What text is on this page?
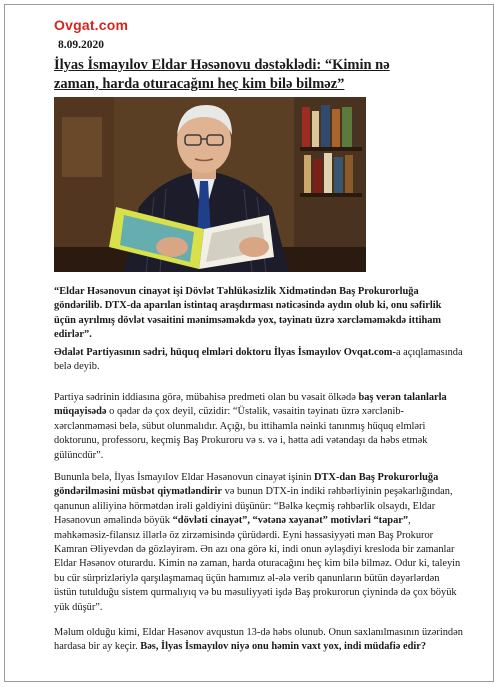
Ovgat.com
8.09.2020
İlyas İsmayılov Eldar Həsənovu dəstəklədi: “Kimin nə zaman, harda oturacağını heç kim bilə bilməz”

“Eldar Həsənovun cinayət işi Dövlət Təhlükəsizlik Xidmətindən Baş Prokurorluğa göndərilib. DTX-da aparılan istintaq araşdırması nəticəsində aydın olub ki, onu səfirlik üçün ayrılmış dövlət vəsaitini mənimsəməkdə yox, təyinatı üzrə xərcləməməkdə ittiham edirlər”.

Ədalət Partiyasının sədri, hüquq elmləri doktoru İlyas İsmayılov Ovqat.com-a açıqlamasında belə deyib.

Partiya sədrinin iddiasına görə, mübahisə predmeti olan bu vəsait ölkədə baş verən talanlarla müqayisədə o qədər də çox deyil, cüzidir: “Üstəlik, vəsaitin təyinatı üzrə xərclənib-xərclənməməsi belə, sübut olunmalıdır. Açığı, bu ittihamla nəinki tanınmış hüquq elmləri doktorunu, professoru, keçmiş Baş Prokuroru və s. və i, hətta adi vətəndaşı da həbs etmək gülüncdür”.

Bununla belə, İlyas İsmayılov Eldar Həsənovun cinayət işinin DTX-dan Baş Prokurorluğa göndərilməsini müsbət qiymətləndirir və bunun DTX-in indiki rəhbərliyinin peşəkarlığından, qanunun aliliyinə hörmətdən irəli gəldiyini düşünür: “Bəlkə keçmiş rəhbərlik olsaydı, Eldar Həsənovun əməlində böyük “dövləti cinayət”, “vətənə xəyanət” motivləri “tapar”, məhkəməsiz-filansız illərlə öz zirzəmisində çürüdərdi. Eyni həssasiyyəti mən Baş Prokuror Kamran Əliyevdən də gözləyirəm. Ən azı ona görə ki, indi onun əyləşdiyi kresloda bir zamanlar Eldar Həsənov oturardu. Kimin nə zaman, harda oturacağını heç kim bilə bilməz. Odur ki, taleyin bu cür sürprizləriylə qarşılaşmamaq üçün hamımız əl-ələ verib qanunların bütün dəyərlərdən üstün tutulduğu sistem qurmalıyıq və bu məsuliyyəti işdə Baş prokurorun çiynində də çox böyük yük düşür”.

Məlum olduğu kimi, Eldar Həsənov avqustun 13-də həbs olunub. Onun saxlanılmasının üzərindən hardasa bir ay keçir. Bəs, İlyas İsmayılov niyə onu həmin vaxt yox, indi müdafiə edir?
